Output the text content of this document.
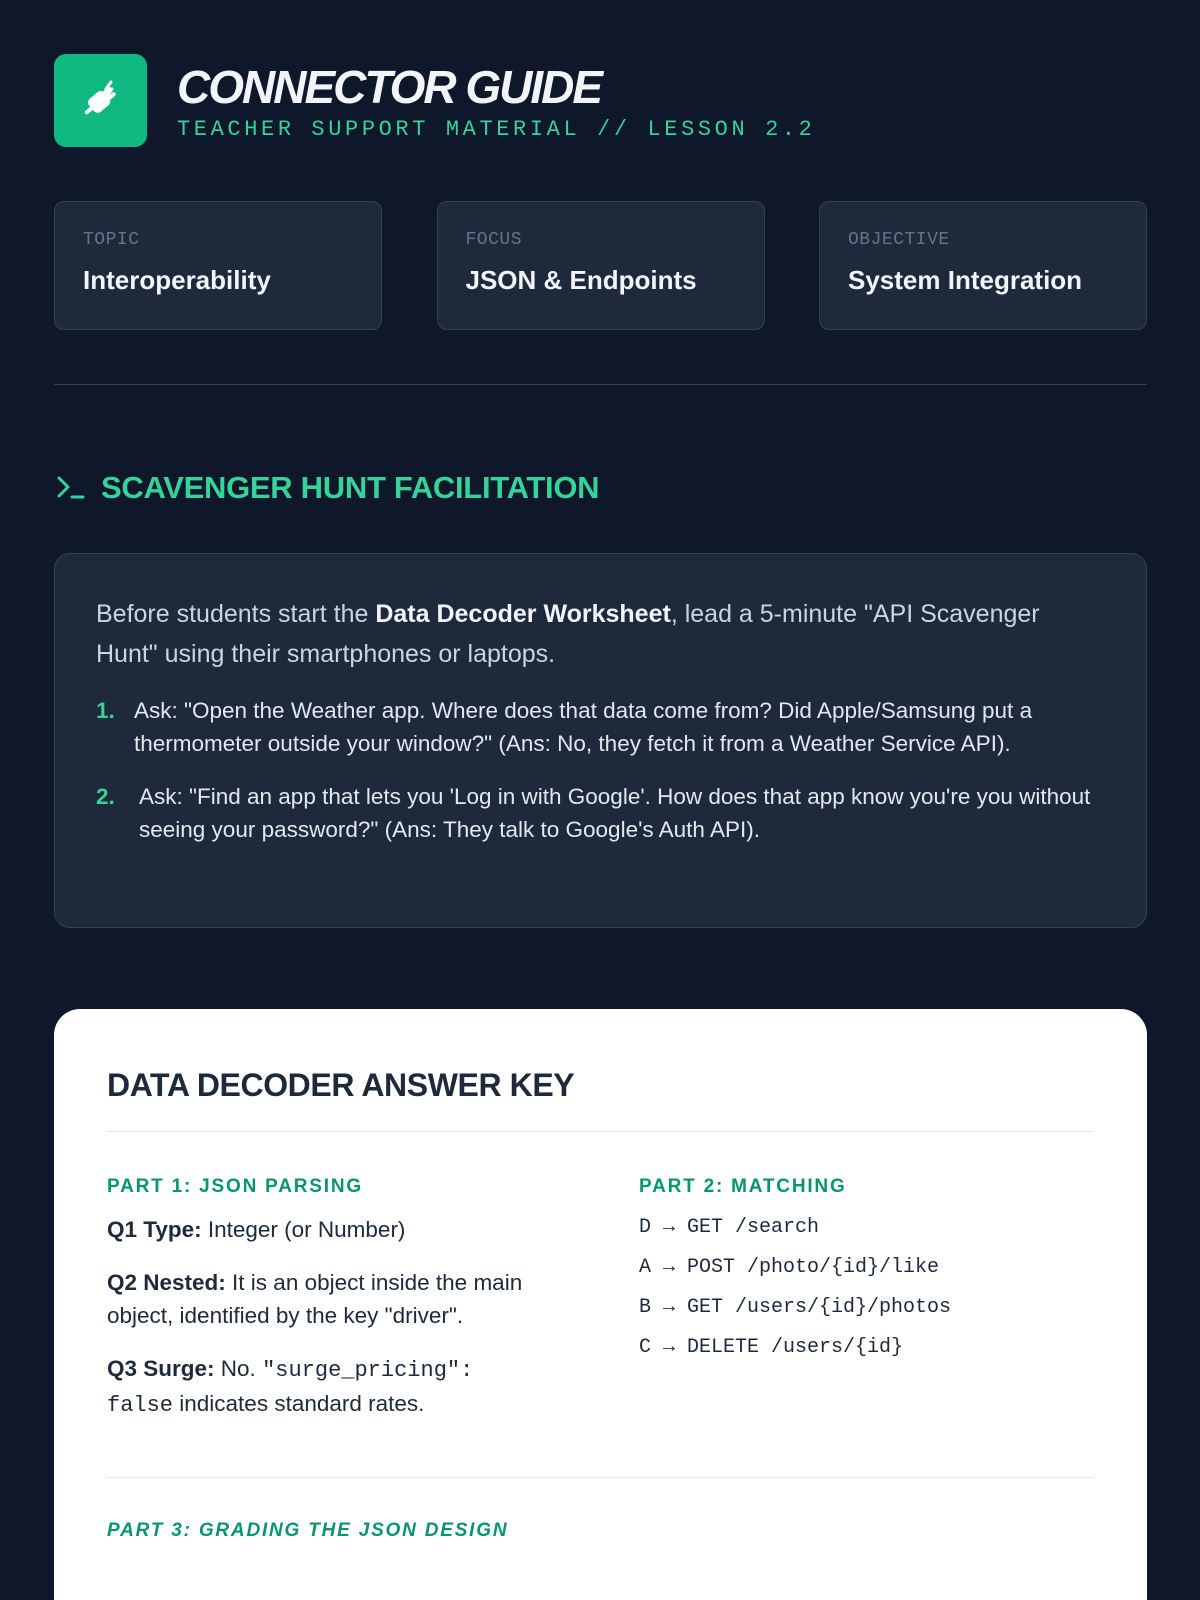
CONNECTOR GUIDE
TEACHER SUPPORT MATERIAL // LESSON 2.2
TOPIC
Interoperability
FOCUS
JSON & Endpoints
OBJECTIVE
System Integration
SCAVENGER HUNT FACILITATION

Before students start the Data Decoder Worksheet, lead a 5-minute "API Scavenger Hunt" using their smartphones or laptops.

1. Ask: "Open the Weather app. Where does that data come from? Did Apple/Samsung put a thermometer outside your window?" (Ans: No, they fetch it from a Weather Service API).
2.	Ask: "Find an app that lets you 'Log in with Google'. How does that app know you're you without seeing your password?" (Ans: They talk to Google's Auth API).
DATA DECODER ANSWER KEY
PART 1: JSON PARSING

Q1 Type: Integer (or Number)

Q2 Nested: It is an object inside the main object, identified by the key "driver".

Q3 Surge: No. "surge_pricing": false indicates standard rates.

PART 2: MATCHING
D → GET /search
A → POST /photo/{id}/like
B → GET /users/{id}/photos
C → DELETE /users/{id}
PART 3: GRADING THE JSON DESIGN
